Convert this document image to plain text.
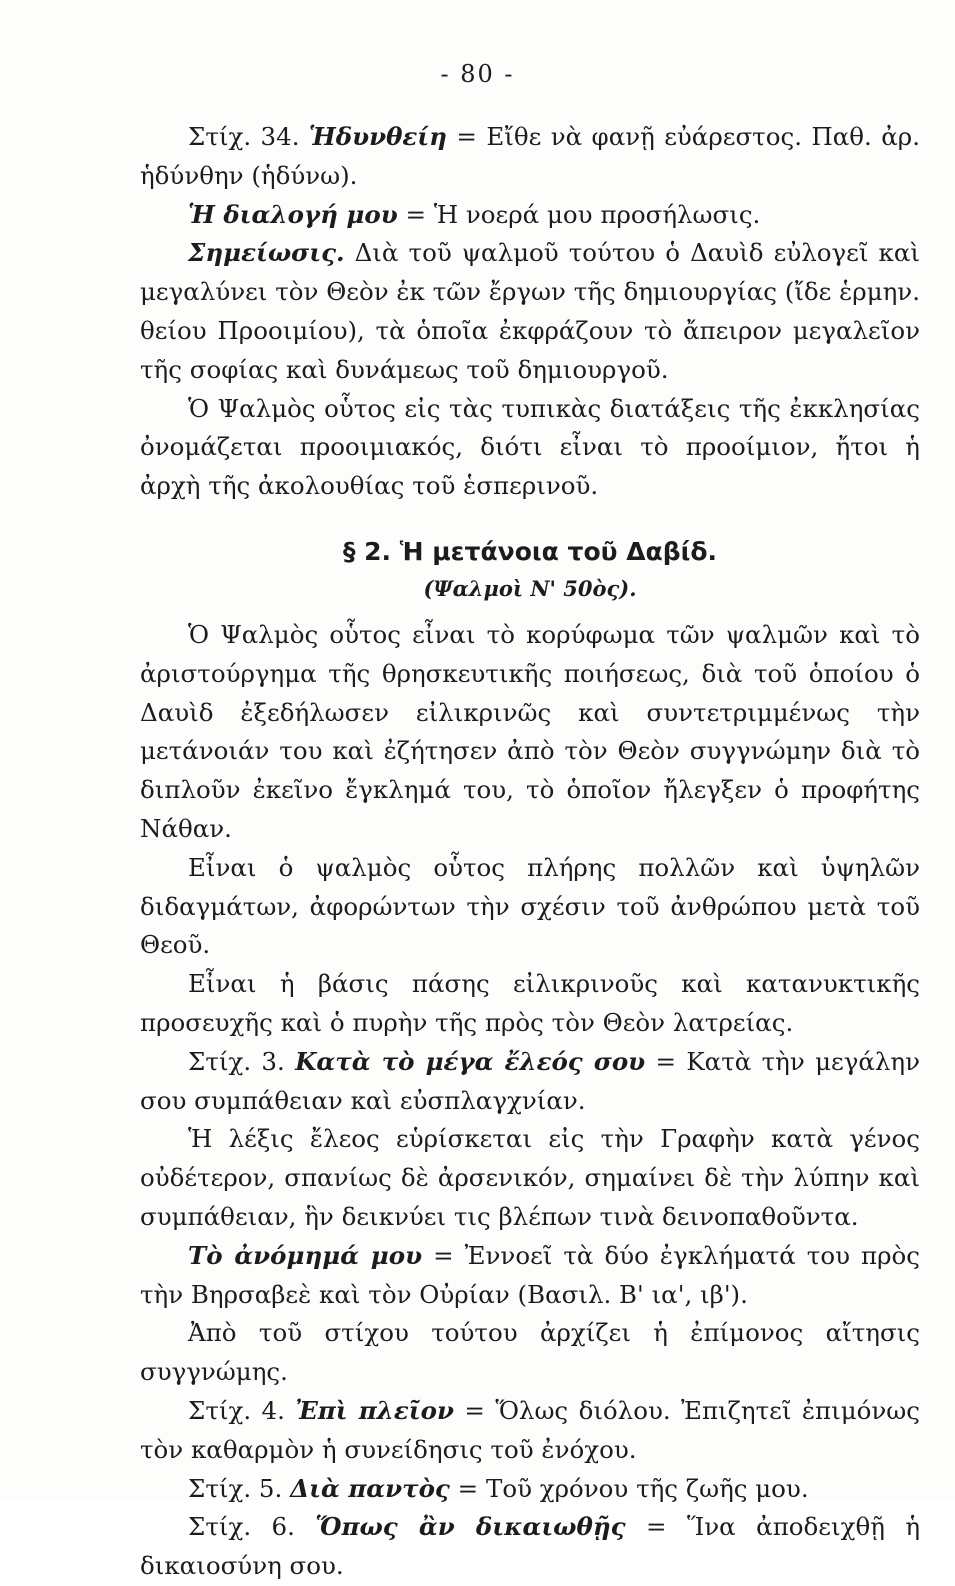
- 80 -

Στίχ. 34. Ἡδυνθείη = Εἴθε νὰ φανῇ εὐάρεστος. Παθ. ἀρ. ἡδύνθην (ἡδύνω).

Ἡ διαλογή μου = Ἡ νοερά μου προσήλωσις.

Σημείωσις. Διὰ τοῦ ψαλμοῦ τούτου ὁ Δαυὶδ εὐλογεῖ καὶ μεγαλύνει τὸν Θεὸν ἐκ τῶν ἔργων τῆς δημιουργίας (ἴδε ἑρμην. θείου Προοιμίου), τὰ ὁποῖα ἐκφράζουν τὸ ἄπειρον μεγαλεῖον τῆς σοφίας καὶ δυνάμεως τοῦ δημιουργοῦ.

Ὁ Ψαλμὸς οὗτος εἰς τὰς τυπικὰς διατάξεις τῆς ἐκκλησίας ὀνομάζεται προοιμιακός, διότι εἶναι τὸ προοίμιον, ἤτοι ἡ ἀρχὴ τῆς ἀκολουθίας τοῦ ἑσπερινοῦ.

§ 2. Ἡ μετάνοια τοῦ Δαβίδ.
(Ψαλμοὶ Ν' 50ὸς).

Ὁ Ψαλμὸς οὗτος εἶναι τὸ κορύφωμα τῶν ψαλμῶν καὶ τὸ ἀριστούργημα τῆς θρησκευτικῆς ποιήσεως, διὰ τοῦ ὁποίου ὁ Δαυὶδ ἐξεδήλωσεν εἰλικρινῶς καὶ συντετριμμένως τὴν μετάνοιάν του καὶ ἐζήτησεν ἀπὸ τὸν Θεὸν συγγνώμην διὰ τὸ διπλοῦν ἐκεῖνο ἔγκλημά του, τὸ ὁποῖον ἤλεγξεν ὁ προφήτης Νάθαν.

Εἶναι ὁ ψαλμὸς οὗτος πλήρης πολλῶν καὶ ὑψηλῶν διδαγμάτων, ἀφορώντων τὴν σχέσιν τοῦ ἀνθρώπου μετὰ τοῦ Θεοῦ.

Εἶναι ἡ βάσις πάσης εἰλικρινοῦς καὶ κατανυκτικῆς προσευχῆς καὶ ὁ πυρὴν τῆς πρὸς τὸν Θεὸν λατρείας.

Στίχ. 3. Κατὰ τὸ μέγα ἔλεός σου = Κατὰ τὴν μεγάλην σου συμπάθειαν καὶ εὐσπλαγχνίαν.

Ἡ λέξις ἔλεος εὑρίσκεται εἰς τὴν Γραφὴν κατὰ γένος οὐδέτερον, σπανίως δὲ ἀρσενικόν, σημαίνει δὲ τὴν λύπην καὶ συμπάθειαν, ἣν δεικνύει τις βλέπων τινὰ δεινοπαθοῦντα.

Τὸ ἀνόμημά μου = Ἐννοεῖ τὰ δύο ἐγκλήματά του πρὸς τὴν Βηρσαβεὲ καὶ τὸν Οὐρίαν (Βασιλ. Β' ια', ιβ').

Ἀπὸ τοῦ στίχου τούτου ἀρχίζει ἡ ἐπίμονος αἴτησις συγγνώμης.

Στίχ. 4. Ἐπὶ πλεῖον = Ὅλως διόλου. Ἐπιζητεῖ ἐπιμόνως τὸν καθαρμὸν ἡ συνείδησις τοῦ ἐνόχου.

Στίχ. 5. Διὰ παντὸς = Τοῦ χρόνου τῆς ζωῆς μου.

Στίχ. 6. Ὅπως ἂν δικαιωθῇς = Ἵνα ἀποδειχθῇ ἡ δικαιοσύνη σου.
